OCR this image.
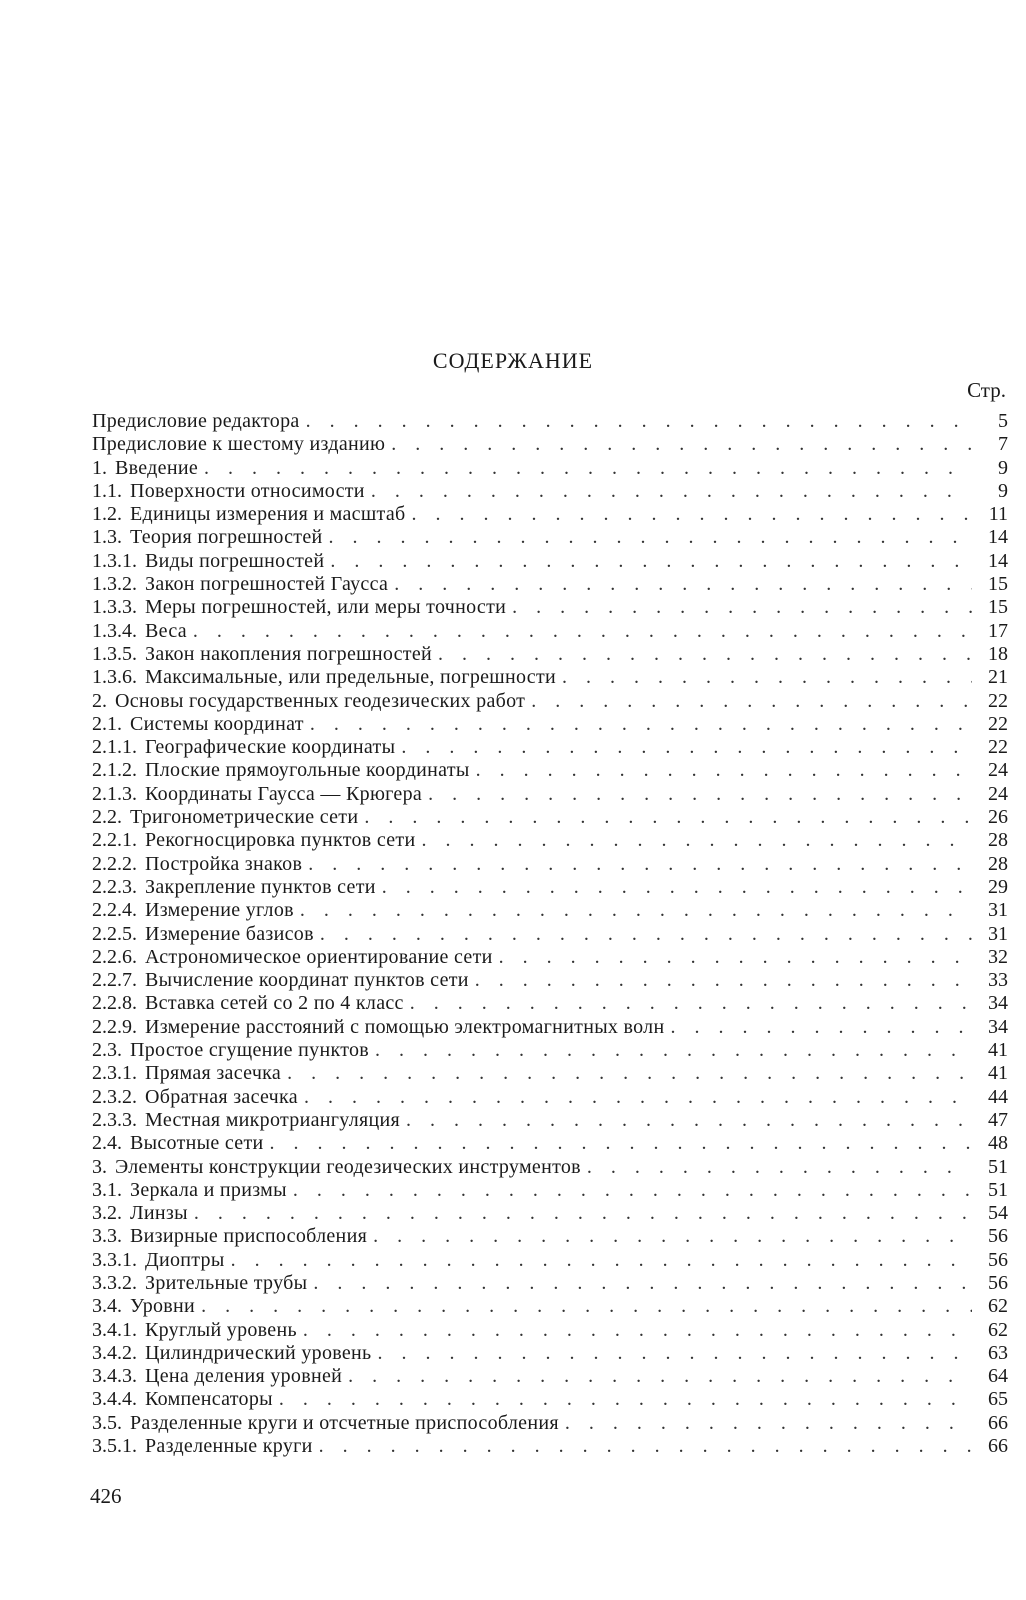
СОДЕРЖАНИЕ
Стр.
Предисловие редактора . . .	5
Предисловие к шестому изданию . . .	7
1. Введение . . .	9
1.1. Поверхности относимости . . .	9
1.2. Единицы измерения и масштаб . . .	11
1.3. Теория погрешностей . . .	14
1.3.1. Виды погрешностей . . .	14
1.3.2. Закон погрешностей Гаусса . . .	15
1.3.3. Меры погрешностей, или меры точности . . .	15
1.3.4. Веса . . .	17
1.3.5. Закон накопления погрешностей . . .	18
1.3.6. Максимальные, или предельные, погрешности . . .	21
2. Основы государственных геодезических работ . . .	22
2.1. Системы координат . . .	22
2.1.1. Географические координаты . . .	22
2.1.2. Плоские прямоугольные координаты . . .	24
2.1.3. Координаты Гаусса — Крюгера . . .	24
2.2. Тригонометрические сети . . .	26
2.2.1. Рекогносцировка пунктов сети . . .	28
2.2.2. Постройка знаков . . .	28
2.2.3. Закрепление пунктов сети . . .	29
2.2.4. Измерение углов . . .	31
2.2.5. Измерение базисов . . .	31
2.2.6. Астрономическое ориентирование сети . . .	32
2.2.7. Вычисление координат пунктов сети . . .	33
2.2.8. Вставка сетей со 2 по 4 класс . . .	34
2.2.9. Измерение расстояний с помощью электромагнитных волн . . .	34
2.3. Простое сгущение пунктов . . .	41
2.3.1. Прямая засечка . . .	41
2.3.2. Обратная засечка . . .	44
2.3.3. Местная микротриангуляция . . .	47
2.4. Высотные сети . . .	48
3. Элементы конструкции геодезических инструментов . . .	51
3.1. Зеркала и призмы . . .	51
3.2. Линзы . . .	54
3.3. Визирные приспособления . . .	56
3.3.1. Диоптры . . .	56
3.3.2. Зрительные трубы . . .	56
3.4. Уровни . . .	62
3.4.1. Круглый уровень . . .	62
3.4.2. Цилиндрический уровень . . .	63
3.4.3. Цена деления уровней . . .	64
3.4.4. Компенсаторы . . .	65
3.5. Разделенные круги и отсчетные приспособления . . .	66
3.5.1. Разделенные круги . . .	66
426
